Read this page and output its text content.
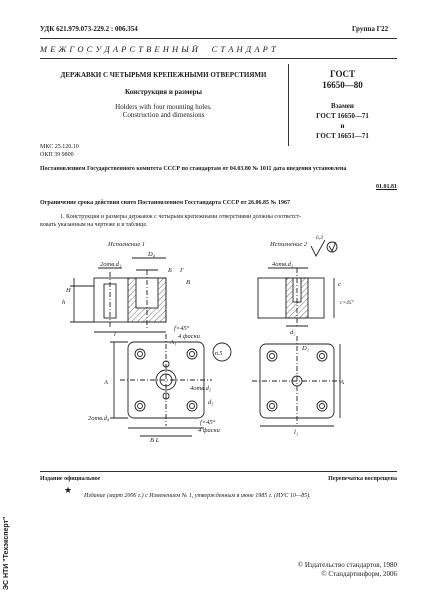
УДК 621.979.073-229.2 : 006.354	Группа Г22
М Е Ж Г О С У Д А Р С Т В Е Н Н Ы Й     С Т А Н Д А Р Т
ДЕРЖАВКИ С ЧЕТЫРЬМЯ КРЕПЕЖНЫМИ ОТВЕРСТИЯМИ
Конструкция и размеры
Holders with four mounting holes.
Construction and dimensions
ГОСТ
16650—80
Взамен
ГОСТ 16650—71
и
ГОСТ 16651—71
МКС 25.120.10
ОКП 39 9800
Постановлением Государственного комитета СССР по стандартам от 04.03.80 № 1011 дата введения установлена
01.01.81
Ограничение срока действия снято Постановлением Госстандарта СССР от 26.06.85 № 1967
1. Конструкция и размеры державок с четырьмя крепежными отверстиями должны соответст-
вовать указанным на чертеже и в таблице.
Исполнение 1	Исполнение 2
6,3
2отв.d₁	4отв.d₁
D₄
Б Г
В
f×45°
4 фаски
п.5
A₁
A
4отв.d₂
d₃
2отв.d₄
f×45°
4 фаски
В L
l
h
H
c
c×45°
d₅
D₁
A
l₁
Издание официальное	Перепечатка воспрещена
★
Издание (март 2006 г.) с Изменением № 1, утвержденным в июне 1985 г. (ИУС 10—85).
© Издательство стандартов, 1980
© Стандартинформ, 2006
ЭС НТИ "Техэксперт"
